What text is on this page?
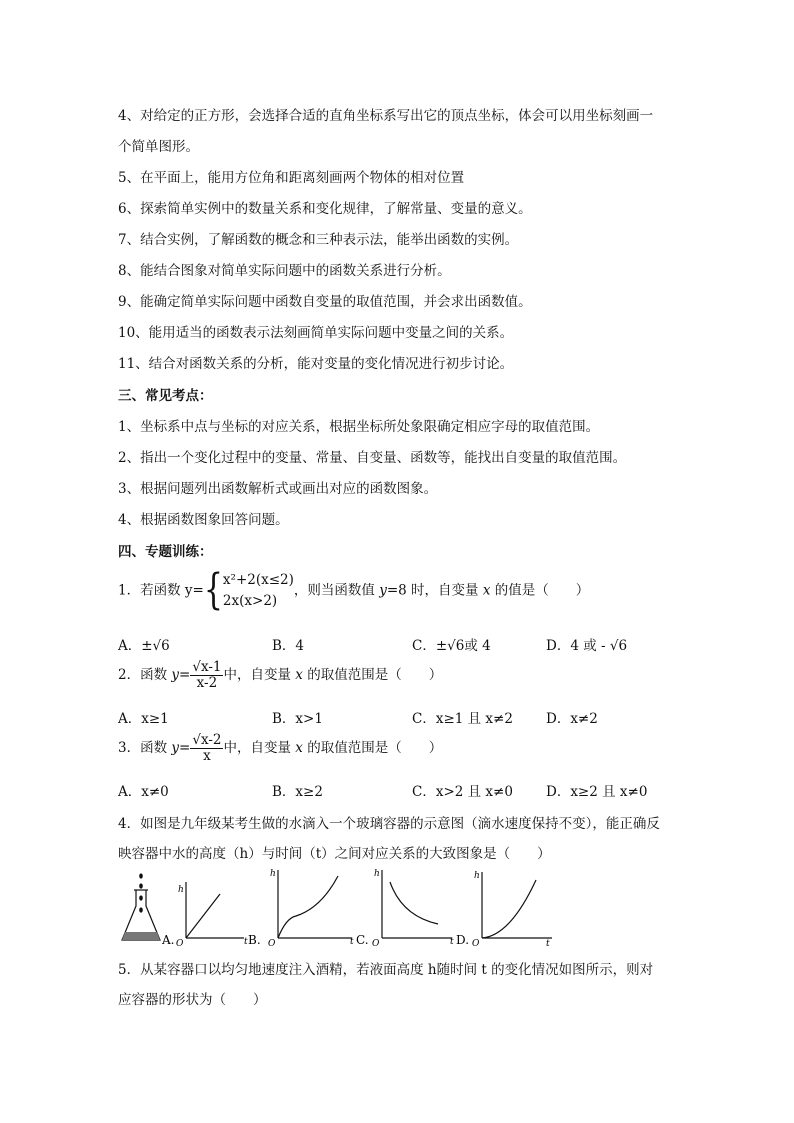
4、对给定的正方形，会选择合适的直角坐标系写出它的顶点坐标，体会可以用坐标刻画一
个简单图形。
5、在平面上，能用方位角和距离刻画两个物体的相对位置
6、探索简单实例中的数量关系和变化规律，了解常量、变量的意义。
7、结合实例，了解函数的概念和三种表示法，能举出函数的实例。
8、能结合图象对简单实际问题中的函数关系进行分析。
9、能确定简单实际问题中函数自变量的取值范围，并会求出函数值。
10、能用适当的函数表示法刻画简单实际问题中变量之间的关系。
11、结合对函数关系的分析，能对变量的变化情况进行初步讨论。
三、常见考点：
1、坐标系中点与坐标的对应关系，根据坐标所处象限确定相应字母的取值范围。
2、指出一个变化过程中的变量、常量、自变量、函数等，能找出自变量的取值范围。
3、根据问题列出函数解析式或画出对应的函数图象。
4、根据函数图象回答问题。
四、专题训练：
1．若函数 y={ x²+2(x≤2)
2x(x>2)
，则当函数值 y=8 时，自变量 x 的值是（　　）
A．±√6	B．4	C．±√6或 4	D．4 或 - √6
2．函数 $y= \frac{√x-1}{x-2}$ 中，自变量 x 的取值范围是（　　）
A．x≥1	B．x>1	C．x≥1 且 x≠2 D．x≠2
3．函数 $y= \frac{√x-2}{x}$ 中，自变量 x 的取值范围是（　　）
A．x≠0	B．x≥2	C．x>2 且 x≠0 D．x≥2 且 x≠0
4．如图是九年级某考生做的水滴入一个玻璃容器的示意图（滴水速度保持不变），能正确反
映容器中水的高度（h）与时间（t）之间对应关系的大致图象是（　　）
A.
h
O	t B.
h
O	t C.
h
O	t D.
h
O	t
5．从某容器口以均匀地速度注入酒精，若液面高度 h随时间 t 的变化情况如图所示，则对
应容器的形状为（　　）
